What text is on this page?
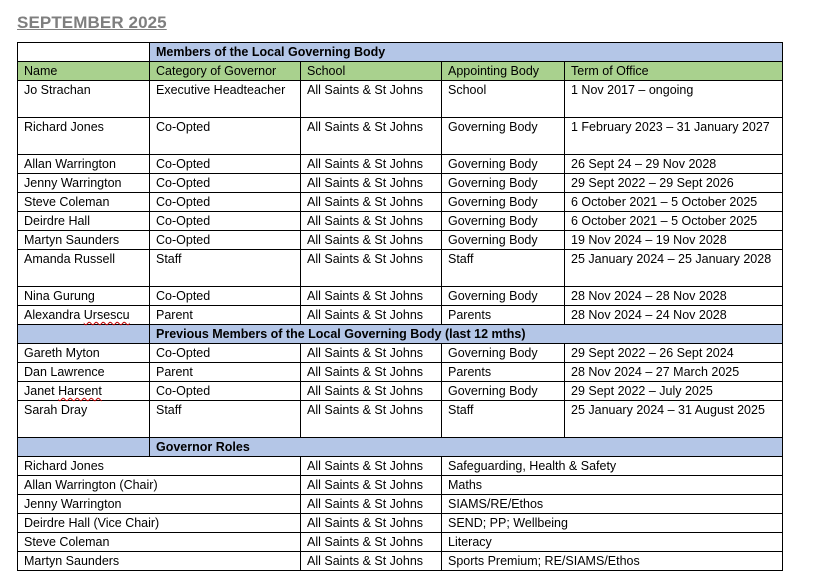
SEPTEMBER 2025
	Members of the Local Governing Body			
Name	Category of Governor	School	Appointing Body	Term of Office
Jo Strachan	Executive Headteacher	All Saints & St Johns	School	1 Nov 2017 – ongoing
Richard Jones	Co-Opted	All Saints & St Johns	Governing Body	1 February 2023 – 31 January 2027
Allan Warrington	Co-Opted	All Saints & St Johns	Governing Body	26 Sept 24 – 29 Nov 2028
Jenny Warrington	Co-Opted	All Saints & St Johns	Governing Body	29 Sept 2022 – 29 Sept 2026
Steve Coleman	Co-Opted	All Saints & St Johns	Governing Body	6 October 2021 – 5 October 2025
Deirdre Hall	Co-Opted	All Saints & St Johns	Governing Body	6 October 2021 – 5 October 2025
Martyn Saunders	Co-Opted	All Saints & St Johns	Governing Body	19 Nov 2024 – 19 Nov 2028
Amanda Russell	Staff	All Saints & St Johns	Staff	25 January 2024 – 25 January 2028
Nina Gurung	Co-Opted	All Saints & St Johns	Governing Body	28 Nov 2024 – 28 Nov 2028
Alexandra Ursescu	Parent	All Saints & St Johns	Parents	28 Nov 2024 – 24 Nov 2028
	Previous Members of the Local Governing Body (last 12 mths)			
Gareth Myton	Co-Opted	All Saints & St Johns	Governing Body	29 Sept 2022 – 26 Sept 2024
Dan Lawrence	Parent	All Saints & St Johns	Parents	28 Nov 2024 – 27 March 2025
Janet Harsent	Co-Opted	All Saints & St Johns	Governing Body	29 Sept 2022 – July 2025
Sarah Dray	Staff	All Saints & St Johns	Staff	25 January 2024 – 31 August 2025
	Governor Roles			
Richard Jones		All Saints & St Johns	Safeguarding, Health & Safety	
Allan Warrington (Chair)		All Saints & St Johns	Maths	
Jenny Warrington		All Saints & St Johns	SIAMS/RE/Ethos	
Deirdre Hall (Vice Chair)		All Saints & St Johns	SEND; PP; Wellbeing	
Steve Coleman		All Saints & St Johns	Literacy	
Martyn Saunders		All Saints & St Johns	Sports Premium; RE/SIAMS/Ethos	
